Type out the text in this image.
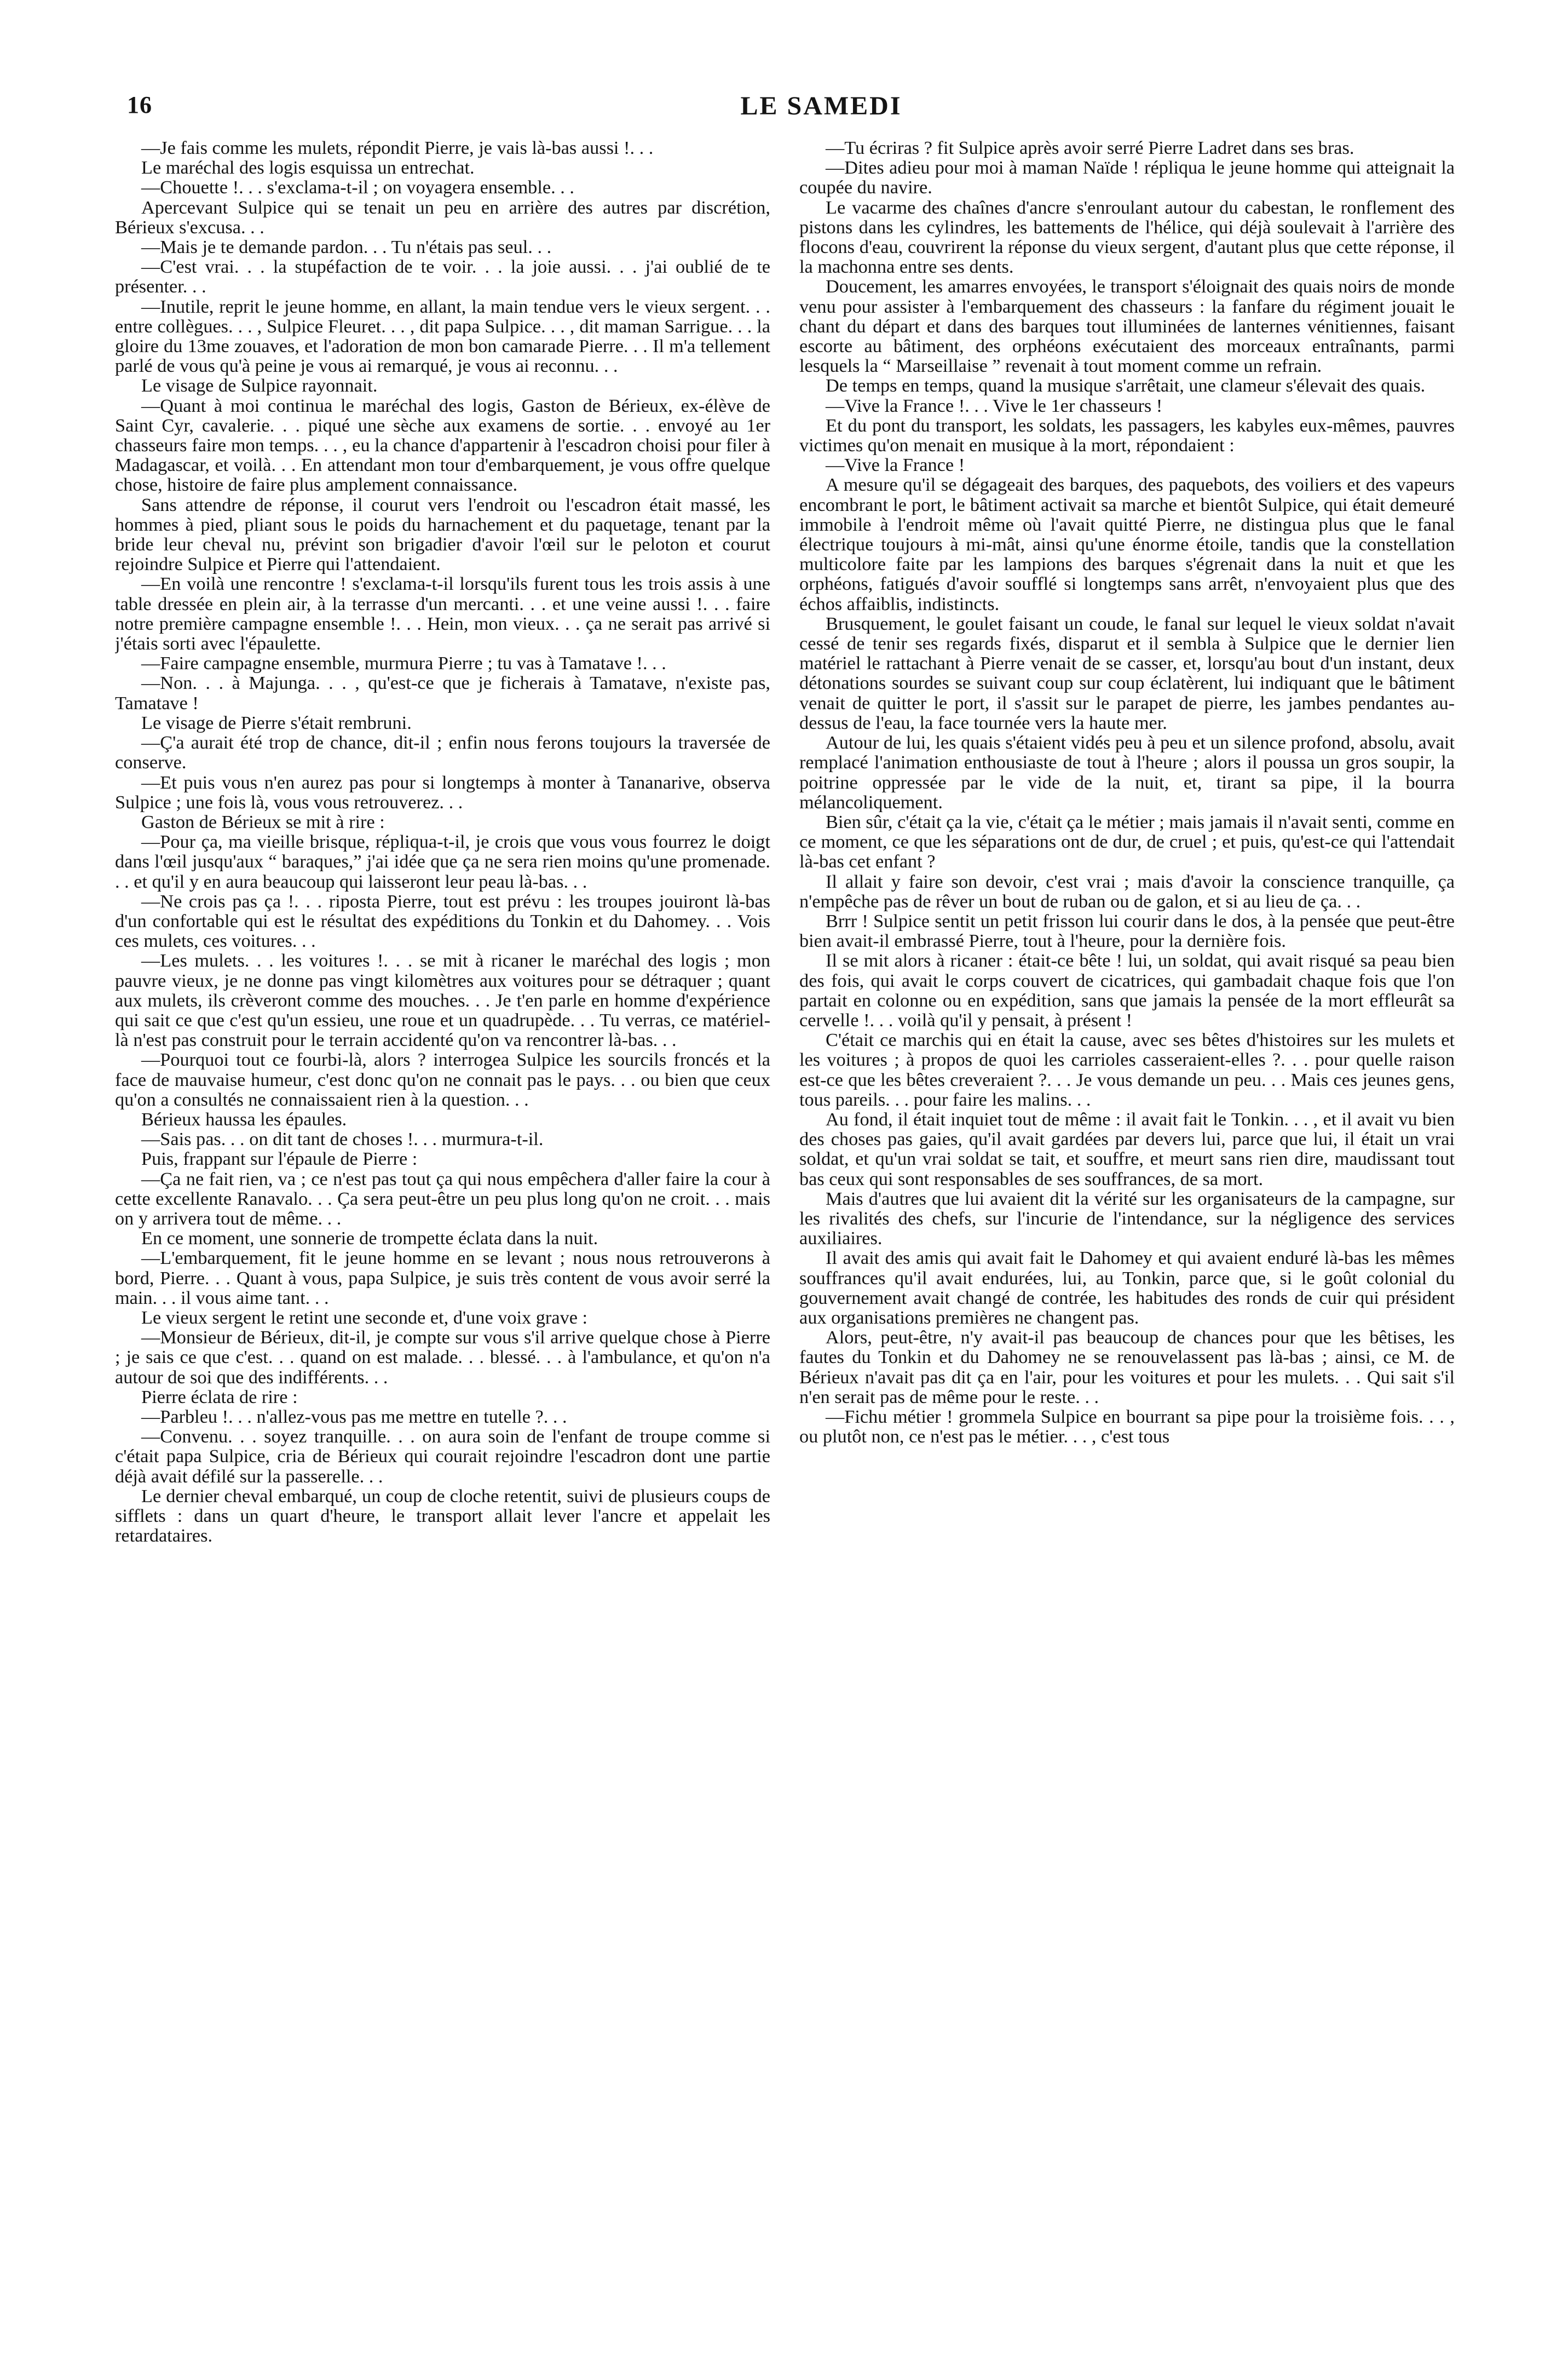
16	LE SAMEDI

—Je fais comme les mulets, répondit Pierre, je vais là-bas aussi !. . .

Le maréchal des logis esquissa un entrechat.

—Chouette !. . . s'exclama-t-il ; on voyagera ensemble. . .

Apercevant Sulpice qui se tenait un peu en arrière des autres par discrétion, Bérieux s'excusa. . .

—Mais je te demande pardon. . . Tu n'étais pas seul. . .

—C'est vrai. . . la stupéfaction de te voir. . . la joie aussi. . . j'ai oublié de te présenter. . .

—Inutile, reprit le jeune homme, en allant, la main tendue vers le vieux sergent. . . entre collègues. . . , Sulpice Fleuret. . . , dit papa Sulpice. . . , dit maman Sarrigue. . . la gloire du 13me zouaves, et l'adoration de mon bon camarade Pierre. . . Il m'a tellement parlé de vous qu'à peine je vous ai remarqué, je vous ai reconnu. . .

Le visage de Sulpice rayonnait.

—Quant à moi continua le maréchal des logis, Gaston de Bérieux, ex-élève de Saint Cyr, cavalerie. . . piqué une sèche aux examens de sortie. . . envoyé au 1er chasseurs faire mon temps. . . , eu la chance d'appartenir à l'escadron choisi pour filer à Madagascar, et voilà. . . En attendant mon tour d'embarquement, je vous offre quelque chose, histoire de faire plus amplement connaissance.

Sans attendre de réponse, il courut vers l'endroit ou l'escadron était massé, les hommes à pied, pliant sous le poids du harnachement et du paquetage, tenant par la bride leur cheval nu, prévint son brigadier d'avoir l'œil sur le peloton et courut rejoindre Sulpice et Pierre qui l'attendaient.

—En voilà une rencontre ! s'exclama-t-il lorsqu'ils furent tous les trois assis à une table dressée en plein air, à la terrasse d'un mercanti. . . et une veine aussi !. . . faire notre première campagne ensemble !. . . Hein, mon vieux. . . ça ne serait pas arrivé si j'étais sorti avec l'épaulette.

—Faire campagne ensemble, murmura Pierre ; tu vas à Tamatave !. . .

—Non. . . à Majunga. . . , qu'est-ce que je ficherais à Tamatave, n'existe pas, Tamatave !

Le visage de Pierre s'était rembruni.

—Ç'a aurait été trop de chance, dit-il ; enfin nous ferons toujours la traversée de conserve.

—Et puis vous n'en aurez pas pour si longtemps à monter à Tananarive, observa Sulpice ; une fois là, vous vous retrouverez. . .

Gaston de Bérieux se mit à rire :

—Pour ça, ma vieille brisque, répliqua-t-il, je crois que vous vous fourrez le doigt dans l'œil jusqu'aux “ baraques,” j'ai idée que ça ne sera rien moins qu'une promenade. . . et qu'il y en aura beaucoup qui laisseront leur peau là-bas. . .

—Ne crois pas ça !. . . riposta Pierre, tout est prévu : les troupes jouiront là-bas d'un confortable qui est le résultat des expéditions du Tonkin et du Dahomey. . . Vois ces mulets, ces voitures. . .

—Les mulets. . . les voitures !. . . se mit à ricaner le maréchal des logis ; mon pauvre vieux, je ne donne pas vingt kilomètres aux voitures pour se détraquer ; quant aux mulets, ils crèveront comme des mouches. . . Je t'en parle en homme d'expérience qui sait ce que c'est qu'un essieu, une roue et un quadrupède. . . Tu verras, ce matériel-là n'est pas construit pour le terrain accidenté qu'on va rencontrer là-bas. . .

—Pourquoi tout ce fourbi-là, alors ? interrogea Sulpice les sourcils froncés et la face de mauvaise humeur, c'est donc qu'on ne connait pas le pays. . . ou bien que ceux qu'on a consultés ne connaissaient rien à la question. . .

Bérieux haussa les épaules.

—Sais pas. . . on dit tant de choses !. . . murmura-t-il.

Puis, frappant sur l'épaule de Pierre :

—Ça ne fait rien, va ; ce n'est pas tout ça qui nous empêchera d'aller faire la cour à cette excellente Ranavalo. . . Ça sera peut-être un peu plus long qu'on ne croit. . . mais on y arrivera tout de même. . .

En ce moment, une sonnerie de trompette éclata dans la nuit.

—L'embarquement, fit le jeune homme en se levant ; nous nous retrouverons à bord, Pierre. . . Quant à vous, papa Sulpice, je suis très content de vous avoir serré la main. . . il vous aime tant. . .

Le vieux sergent le retint une seconde et, d'une voix grave :

—Monsieur de Bérieux, dit-il, je compte sur vous s'il arrive quelque chose à Pierre ; je sais ce que c'est. . . quand on est malade. . . blessé. . . à l'ambulance, et qu'on n'a autour de soi que des indifférents. . .

Pierre éclata de rire :

—Parbleu !. . . n'allez-vous pas me mettre en tutelle ?. . .

—Convenu. . . soyez tranquille. . . on aura soin de l'enfant de troupe comme si c'était papa Sulpice, cria de Bérieux qui courait rejoindre l'escadron dont une partie déjà avait défilé sur la passerelle. . .

Le dernier cheval embarqué, un coup de cloche retentit, suivi de plusieurs coups de sifflets : dans un quart d'heure, le transport allait lever l'ancre et appelait les retardataires.

—Tu écriras ? fit Sulpice après avoir serré Pierre Ladret dans ses bras.

—Dites adieu pour moi à maman Naïde ! répliqua le jeune homme qui atteignait la coupée du navire.

Le vacarme des chaînes d'ancre s'enroulant autour du cabestan, le ronflement des pistons dans les cylindres, les battements de l'hélice, qui déjà soulevait à l'arrière des flocons d'eau, couvrirent la réponse du vieux sergent, d'autant plus que cette réponse, il la machonna entre ses dents.

Doucement, les amarres envoyées, le transport s'éloignait des quais noirs de monde venu pour assister à l'embarquement des chasseurs : la fanfare du régiment jouait le chant du départ et dans des barques tout illuminées de lanternes vénitiennes, faisant escorte au bâtiment, des orphéons exécutaient des morceaux entraînants, parmi lesquels la “ Marseillaise ” revenait à tout moment comme un refrain.

De temps en temps, quand la musique s'arrêtait, une clameur s'élevait des quais.

—Vive la France !. . . Vive le 1er chasseurs !

Et du pont du transport, les soldats, les passagers, les kabyles eux-mêmes, pauvres victimes qu'on menait en musique à la mort, répondaient :

—Vive la France !

A mesure qu'il se dégageait des barques, des paquebots, des voiliers et des vapeurs encombrant le port, le bâtiment activait sa marche et bientôt Sulpice, qui était demeuré immobile à l'endroit même où l'avait quitté Pierre, ne distingua plus que le fanal électrique toujours à mi-mât, ainsi qu'une énorme étoile, tandis que la constellation multicolore faite par les lampions des barques s'égrenait dans la nuit et que les orphéons, fatigués d'avoir soufflé si longtemps sans arrêt, n'envoyaient plus que des échos affaiblis, indistincts.

Brusquement, le goulet faisant un coude, le fanal sur lequel le vieux soldat n'avait cessé de tenir ses regards fixés, disparut et il sembla à Sulpice que le dernier lien matériel le rattachant à Pierre venait de se casser, et, lorsqu'au bout d'un instant, deux détonations sourdes se suivant coup sur coup éclatèrent, lui indiquant que le bâtiment venait de quitter le port, il s'assit sur le parapet de pierre, les jambes pendantes au-dessus de l'eau, la face tournée vers la haute mer.

Autour de lui, les quais s'étaient vidés peu à peu et un silence profond, absolu, avait remplacé l'animation enthousiaste de tout à l'heure ; alors il poussa un gros soupir, la poitrine oppressée par le vide de la nuit, et, tirant sa pipe, il la bourra mélancoliquement.

Bien sûr, c'était ça la vie, c'était ça le métier ; mais jamais il n'avait senti, comme en ce moment, ce que les séparations ont de dur, de cruel ; et puis, qu'est-ce qui l'attendait là-bas cet enfant ?

Il allait y faire son devoir, c'est vrai ; mais d'avoir la conscience tranquille, ça n'empêche pas de rêver un bout de ruban ou de galon, et si au lieu de ça. . .

Brrr ! Sulpice sentit un petit frisson lui courir dans le dos, à la pensée que peut-être bien avait-il embrassé Pierre, tout à l'heure, pour la dernière fois.

Il se mit alors à ricaner : était-ce bête ! lui, un soldat, qui avait risqué sa peau bien des fois, qui avait le corps couvert de cicatrices, qui gambadait chaque fois que l'on partait en colonne ou en expédition, sans que jamais la pensée de la mort effleurât sa cervelle !. . . voilà qu'il y pensait, à présent !

C'était ce marchis qui en était la cause, avec ses bêtes d'histoires sur les mulets et les voitures ; à propos de quoi les carrioles casseraient-elles ?. . . pour quelle raison est-ce que les bêtes creveraient ?. . . Je vous demande un peu. . . Mais ces jeunes gens, tous pareils. . . pour faire les malins. . .

Au fond, il était inquiet tout de même : il avait fait le Tonkin. . . , et il avait vu bien des choses pas gaies, qu'il avait gardées par devers lui, parce que lui, il était un vrai soldat, et qu'un vrai soldat se tait, et souffre, et meurt sans rien dire, maudissant tout bas ceux qui sont responsables de ses souffrances, de sa mort.

Mais d'autres que lui avaient dit la vérité sur les organisateurs de la campagne, sur les rivalités des chefs, sur l'incurie de l'intendance, sur la négligence des services auxiliaires.

Il avait des amis qui avait fait le Dahomey et qui avaient enduré là-bas les mêmes souffrances qu'il avait endurées, lui, au Tonkin, parce que, si le goût colonial du gouvernement avait changé de contrée, les habitudes des ronds de cuir qui président aux organisations premières ne changent pas.

Alors, peut-être, n'y avait-il pas beaucoup de chances pour que les bêtises, les fautes du Tonkin et du Dahomey ne se renouvelassent pas là-bas ; ainsi, ce M. de Bérieux n'avait pas dit ça en l'air, pour les voitures et pour les mulets. . . Qui sait s'il n'en serait pas de même pour le reste. . .

—Fichu métier ! grommela Sulpice en bourrant sa pipe pour la troisième fois. . . , ou plutôt non, ce n'est pas le métier. . . , c'est tous
